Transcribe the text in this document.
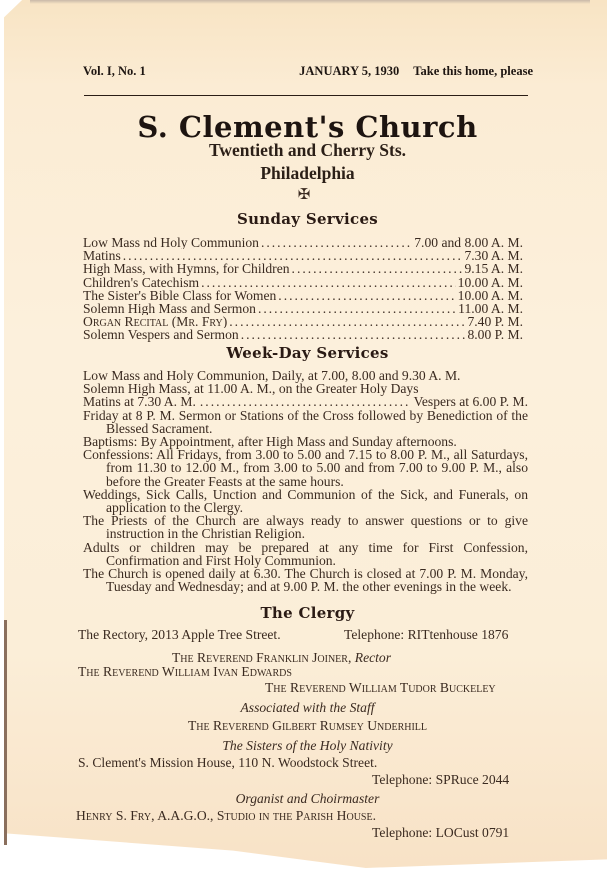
Vol. I, No. 1	JANUARY 5, 1930 Take this home, please
S. Clement's Church
Twentieth and Cherry Sts.
Philadelphia
✠
Sunday Services
Low Mass nd Holy Communion .....	7.00 and 8.00 A. M.
Matins .....	7.30 A. M.
High Mass, with Hymns, for Children .....	9.15 A. M.
Children's Catechism .....	10.00 A. M.
The Sister's Bible Class for Women .....	10.00 A. M.
Solemn High Mass and Sermon .....	11.00 A. M.
Organ Recital (Mr. Fry) .....	7.40 P. M.
Solemn Vespers and Sermon .....	8.00 P. M.
Week-Day Services

Low Mass and Holy Communion, Daily, at 7.00, 8.00 and 9.30 A. M.

Solemn High Mass, at 11.00 A. M., on the Greater Holy Days

Matins at 7.30 A. M. .....	Vespers at 6.00 P. M.

Friday at 8 P. M. Sermon or Stations of the Cross followed by Benediction of the Blessed Sacrament.

Baptisms: By Appointment, after High Mass and Sunday afternoons.

Confessions: All Fridays, from 3.00 to 5.00 and 7.15 to 8.00 P. M., all Saturdays, from 11.30 to 12.00 M., from 3.00 to 5.00 and from 7.00 to 9.00 P. M., also before the Greater Feasts at the same hours.

Weddings, Sick Calls, Unction and Communion of the Sick, and Funerals, on application to the Clergy.

The Priests of the Church are always ready to answer questions or to give instruction in the Christian Religion.

Adults or children may be prepared at any time for First Confession, Confirmation and First Holy Communion.

The Church is opened daily at 6.30. The Church is closed at 7.00 P. M. Monday, Tuesday and Wednesday; and at 9.00 P. M. the other evenings in the week.

The Clergy
The Rectory, 2013 Apple Tree Street.	Telephone: RITtenhouse 1876
The Reverend Franklin Joiner, Rector
The Reverend William Ivan Edwards
The Reverend William Tudor Buckeley
Associated with the Staff
The Reverend Gilbert Rumsey Underhill
The Sisters of the Holy Nativity
S. Clement's Mission House, 110 N. Woodstock Street.
Telephone: SPRuce 2044
Organist and Choirmaster
Henry S. Fry, A.A.G.O., Studio in the Parish House.
Telephone: LOCust 0791
